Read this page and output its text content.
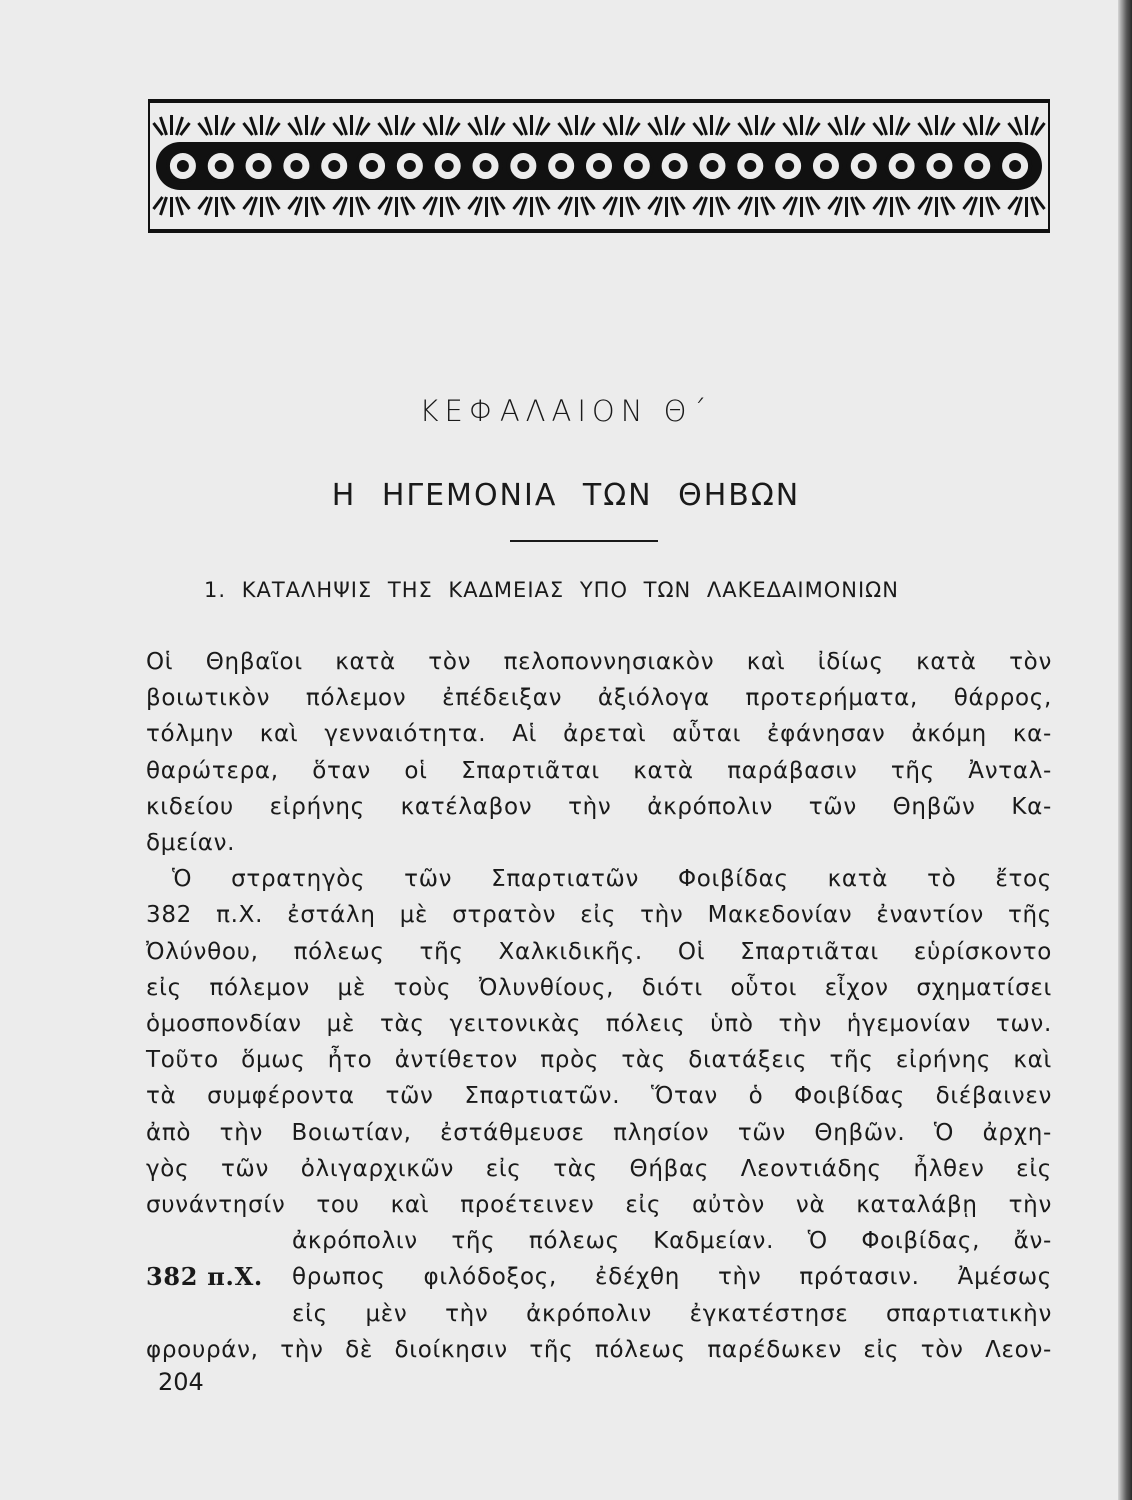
ΚΕΦΑΛΑΙΟΝ Θ΄
Η ΗΓΕΜΟΝΙΑ ΤΩΝ ΘΗΒΩΝ
1. ΚΑΤΑΛΗΨΙΣ ΤΗΣ ΚΑΔΜΕΙΑΣ ΥΠΟ ΤΩΝ ΛΑΚΕΔΑΙΜΟΝΙΩΝ
Οἱ Θηβαῖοι κατὰ τὸν πελοποννησιακὸν καὶ ἰδίως κατὰ τὸν
βοιωτικὸν πόλεμον ἐπέδειξαν ἀξιόλογα προτερήματα, θάρρος,
τόλμην καὶ γενναιότητα. Αἱ ἀρεταὶ αὗται ἐφάνησαν ἀκόμη κα-
θαρώτερα, ὅταν οἱ Σπαρτιᾶται κατὰ παράβασιν τῆς Ἀνταλ-
κιδείου εἰρήνης κατέλαβον τὴν ἀκρόπολιν τῶν Θηβῶν Κα-
δμείαν.
Ὁ στρατηγὸς τῶν Σπαρτιατῶν Φοιβίδας κατὰ τὸ ἔτος
382 π.Χ. ἐστάλη μὲ στρατὸν εἰς τὴν Μακεδονίαν ἐναντίον τῆς
Ὀλύνθου, πόλεως τῆς Χαλκιδικῆς. Οἱ Σπαρτιᾶται εὑρίσκοντο
εἰς πόλεμον μὲ τοὺς Ὀλυνθίους, διότι οὗτοι εἶχον σχηματίσει
ὁμοσπονδίαν μὲ τὰς γειτονικὰς πόλεις ὑπὸ τὴν ἡγεμονίαν των.
Τοῦτο ὅμως ἦτο ἀντίθετον πρὸς τὰς διατάξεις τῆς εἰρήνης καὶ
τὰ συμφέροντα τῶν Σπαρτιατῶν. Ὅταν ὁ Φοιβίδας διέβαινεν
ἀπὸ τὴν Βοιωτίαν, ἐστάθμευσε πλησίον τῶν Θηβῶν. Ὁ ἀρχη-
γὸς τῶν ὀλιγαρχικῶν εἰς τὰς Θήβας Λεοντιάδης ἦλθεν εἰς
συνάντησίν του καὶ προέτεινεν εἰς αὐτὸν νὰ καταλάβῃ τὴν
ἀκρόπολιν τῆς πόλεως Καδμείαν. Ὁ Φοιβίδας, ἄν-
382 π.Χ.	θρωπος φιλόδοξος, ἐδέχθη τὴν πρότασιν. Ἀμέσως
εἰς μὲν τὴν ἀκρόπολιν ἐγκατέστησε σπαρτιατικὴν
φρουράν, τὴν δὲ διοίκησιν τῆς πόλεως παρέδωκεν εἰς τὸν Λεον-
204
